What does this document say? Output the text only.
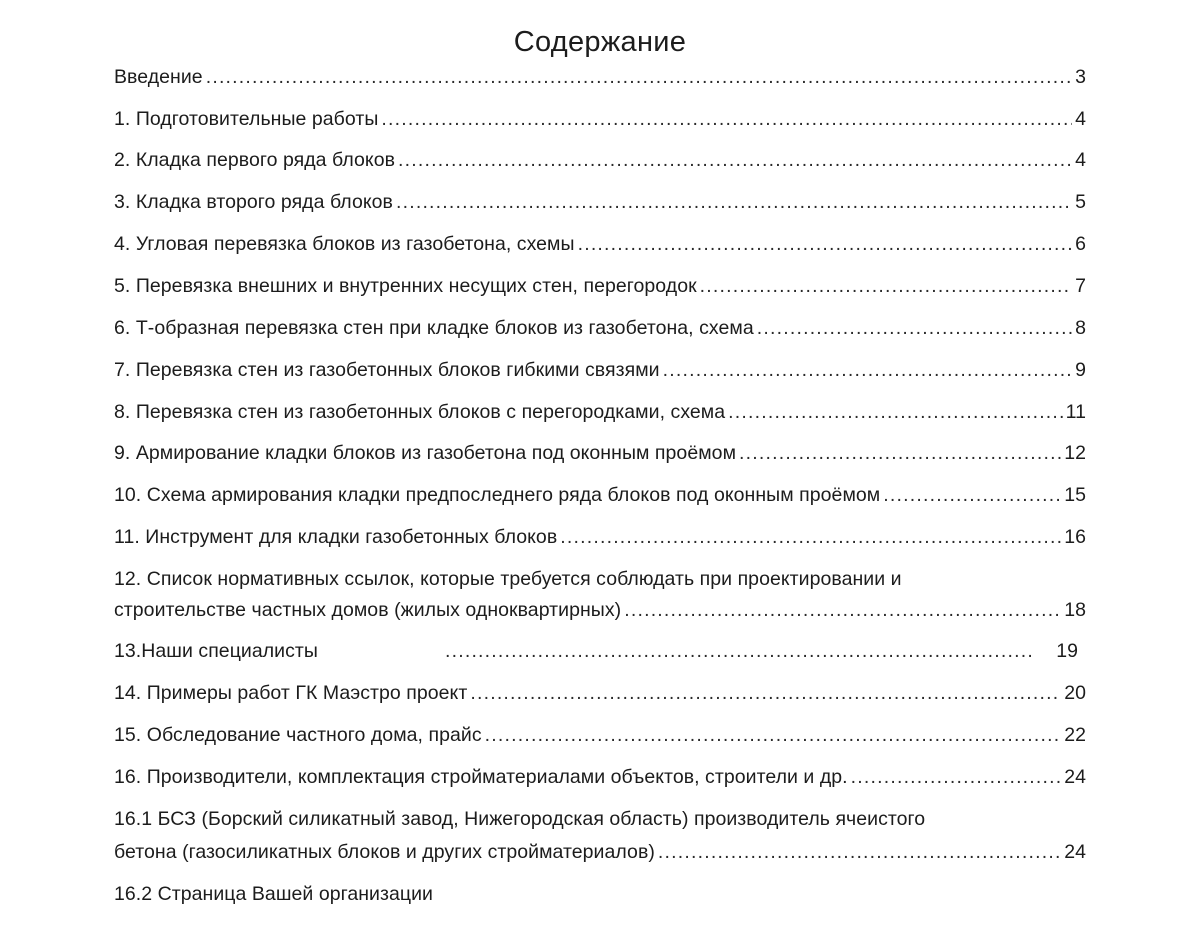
Содержание
Введение .....	3
1. Подготовительные работы .....	4
2. Кладка первого ряда блоков .....	4
3. Кладка второго ряда блоков .....	5
4. Угловая перевязка блоков из газобетона, схемы .....	6
5. Перевязка внешних и внутренних несущих стен, перегородок .....	7
6. Т-образная перевязка стен при кладке блоков из газобетона, схема .....	8
7. Перевязка стен из газобетонных блоков гибкими связями .....	9
8. Перевязка стен из газобетонных блоков с перегородками, схема .....	11
9. Армирование кладки блоков из газобетона под оконным проёмом .....	12
10. Схема армирования кладки предпоследнего ряда блоков под оконным проёмом .....	15
11. Инструмент для кладки газобетонных блоков .....	16
12. Список нормативных ссылок, которые требуется соблюдать при проектировании и
строительстве частных домов (жилых одноквартирных) .....	18
13.Наши специалисты .....	19
14. Примеры работ ГК Маэстро проект .....	20
15. Обследование частного дома, прайс .....	22
16. Производители, комплектация стройматериалами объектов, строители и др. .....	24
16.1 БСЗ (Борский силикатный завод, Нижегородская область) производитель ячеистого
бетона (газосиликатных блоков и других стройматериалов) .....	24
16.2 Страница Вашей организации
